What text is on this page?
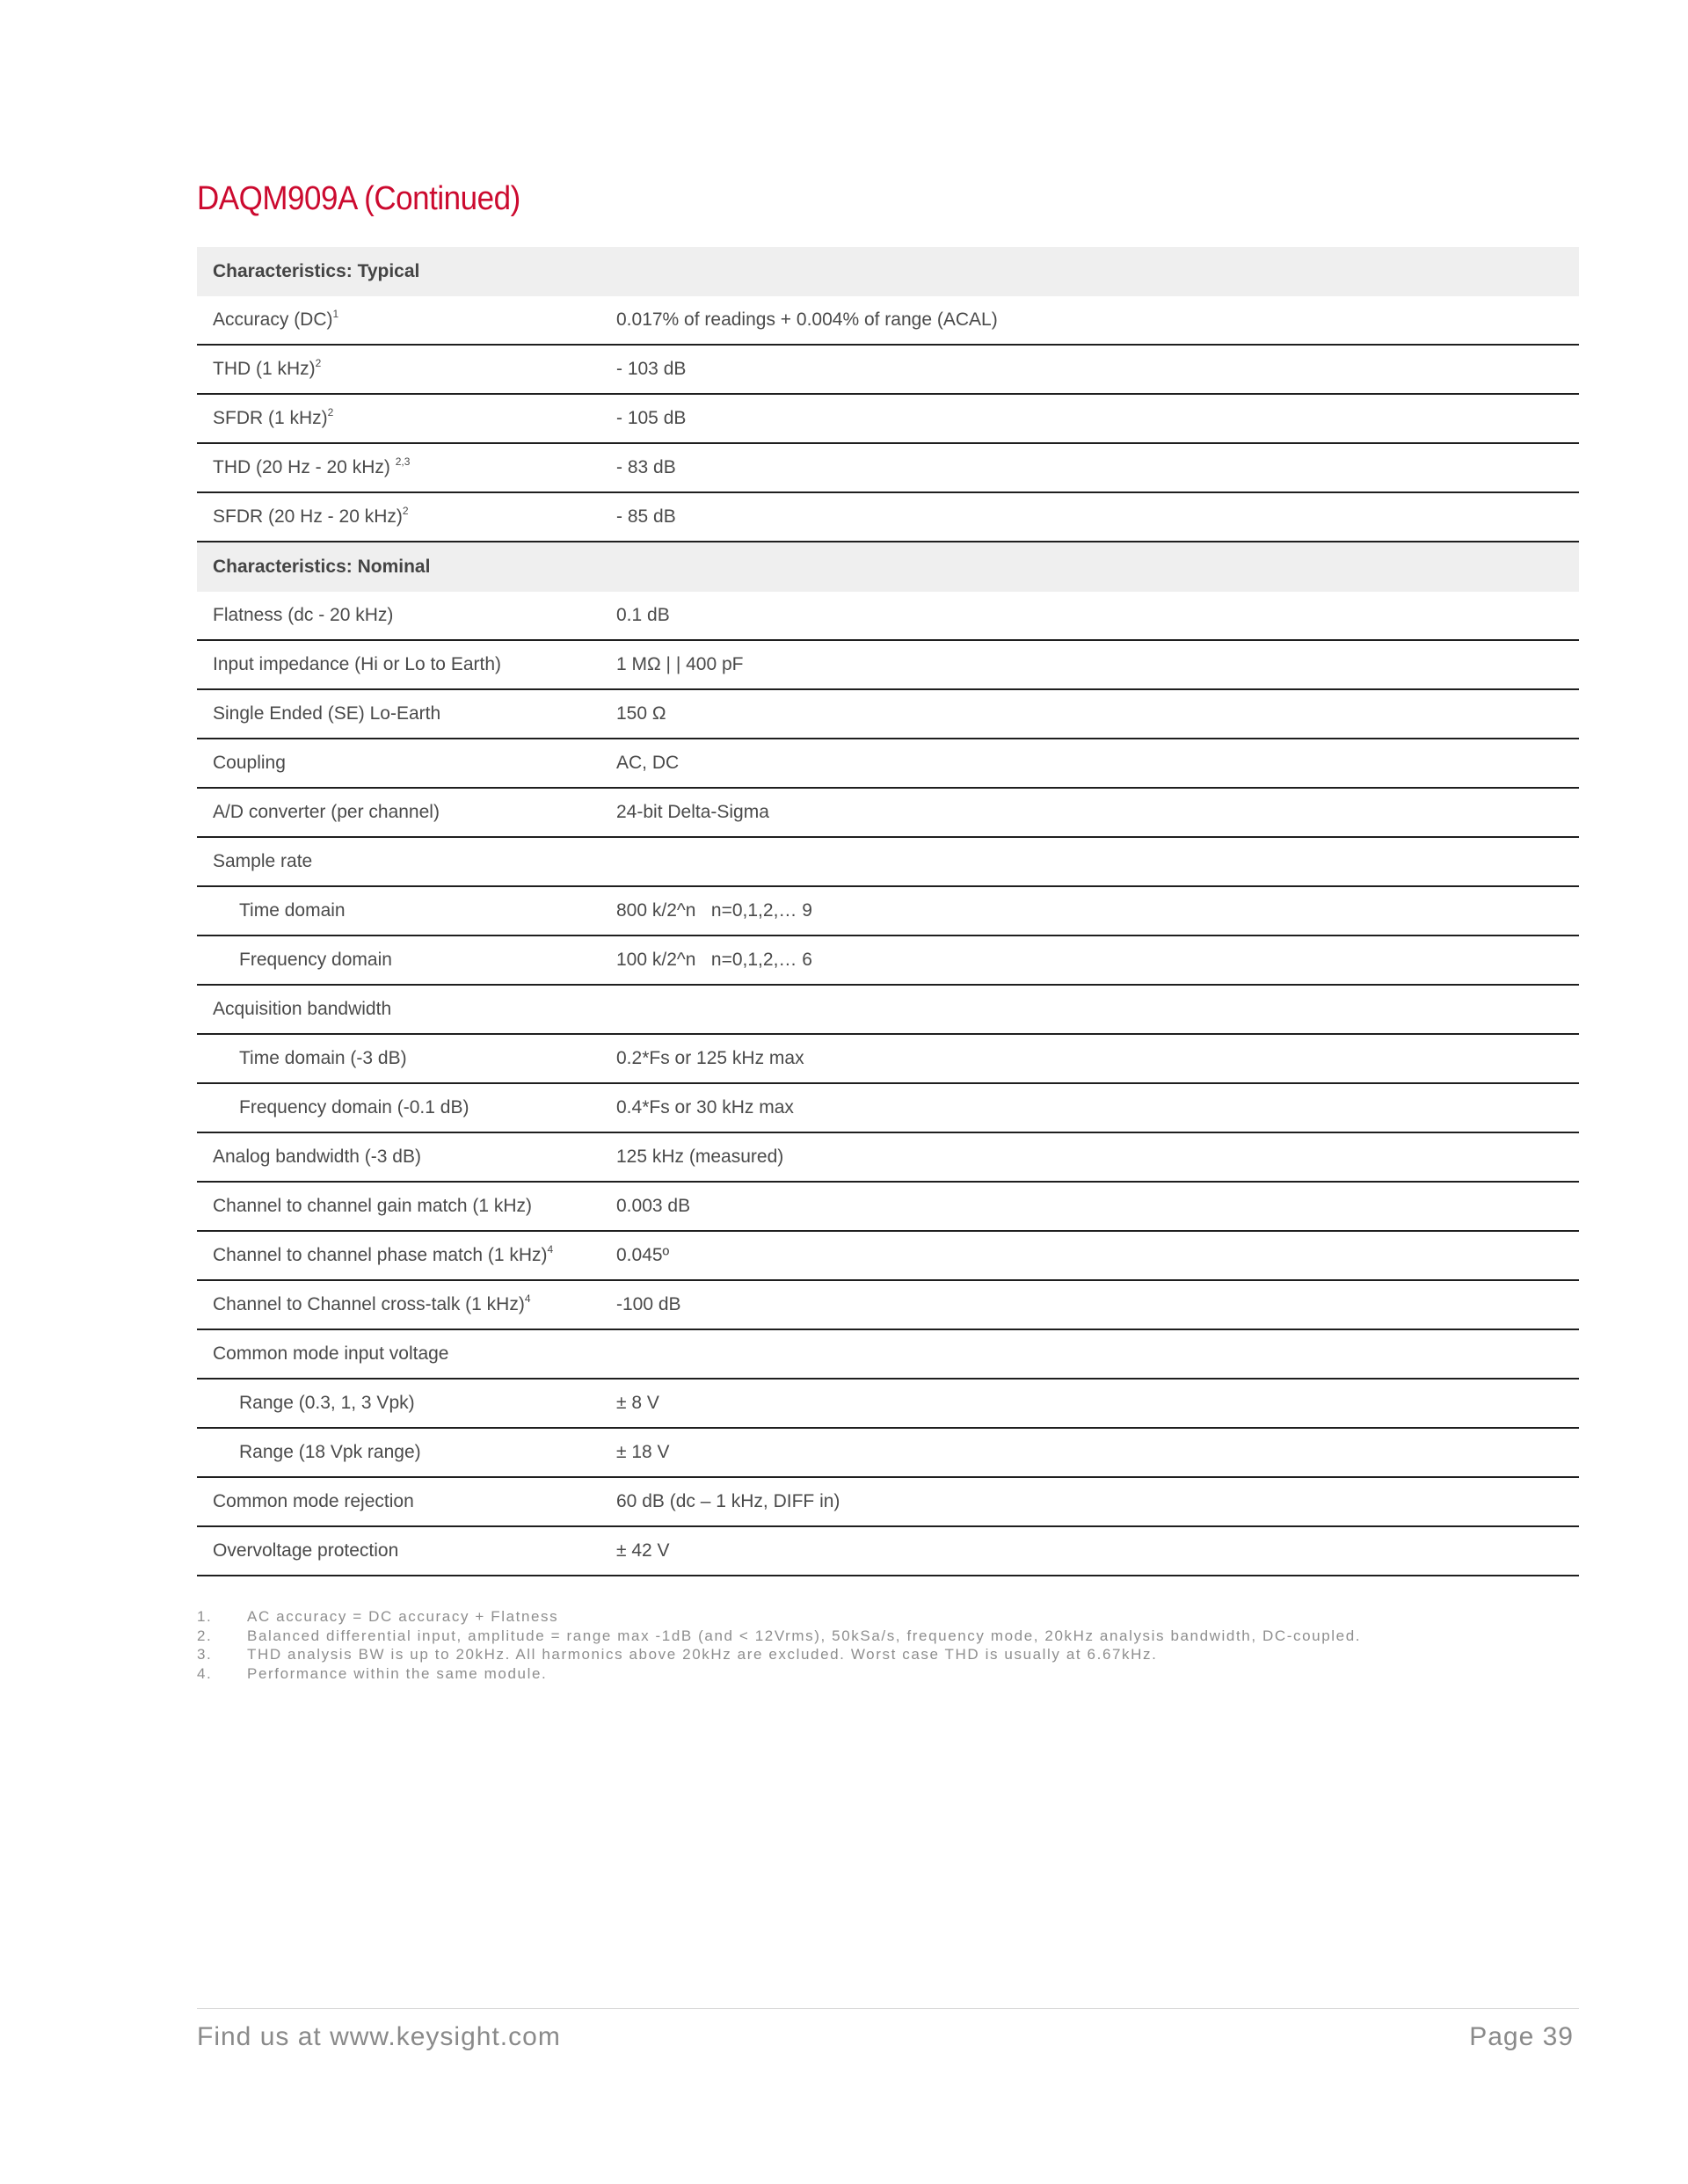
DAQM909A (Continued)
Characteristics: Typical
Accuracy (DC)$^1$	0.017% of readings + 0.004% of range (ACAL)
THD (1 kHz)$^2$	- 103 dB
SFDR (1 kHz)$^2$	- 105 dB
THD (20 Hz - 20 kHz) $^{2,3}$	- 83 dB
SFDR (20 Hz - 20 kHz)$^2$	- 85 dB
Characteristics: Nominal
Flatness (dc - 20 kHz)	0.1 dB
Input impedance (Hi or Lo to Earth)	1 MΩ | | 400 pF
Single Ended (SE) Lo-Earth	150 Ω
Coupling	AC, DC
A/D converter (per channel)	24-bit Delta-Sigma
Sample rate
Time domain	800 k/2^n   n=0,1,2,… 9
Frequency domain	100 k/2^n   n=0,1,2,… 6
Acquisition bandwidth
Time domain (-3 dB)	0.2*Fs or 125 kHz max
Frequency domain (-0.1 dB)	0.4*Fs or 30 kHz max
Analog bandwidth (-3 dB)	125 kHz (measured)
Channel to channel gain match (1 kHz)	0.003 dB
Channel to channel phase match (1 kHz)$^4$	0.045º
Channel to Channel cross-talk (1 kHz)$^4$	-100 dB
Common mode input voltage
Range (0.3, 1, 3 Vpk)	± 8 V
Range (18 Vpk range)	± 18 V
Common mode rejection	60 dB (dc – 1 kHz, DIFF in)
Overvoltage protection	± 42 V
1.	AC accuracy = DC accuracy + Flatness
2.	Balanced differential input, amplitude = range max -1dB (and < 12Vrms), 50kSa/s, frequency mode, 20kHz analysis bandwidth, DC-coupled.
3.	THD analysis BW is up to 20kHz. All harmonics above 20kHz are excluded. Worst case THD is usually at 6.67kHz.
4.	Performance within the same module.
Find us at www.keysight.com	Page 39
